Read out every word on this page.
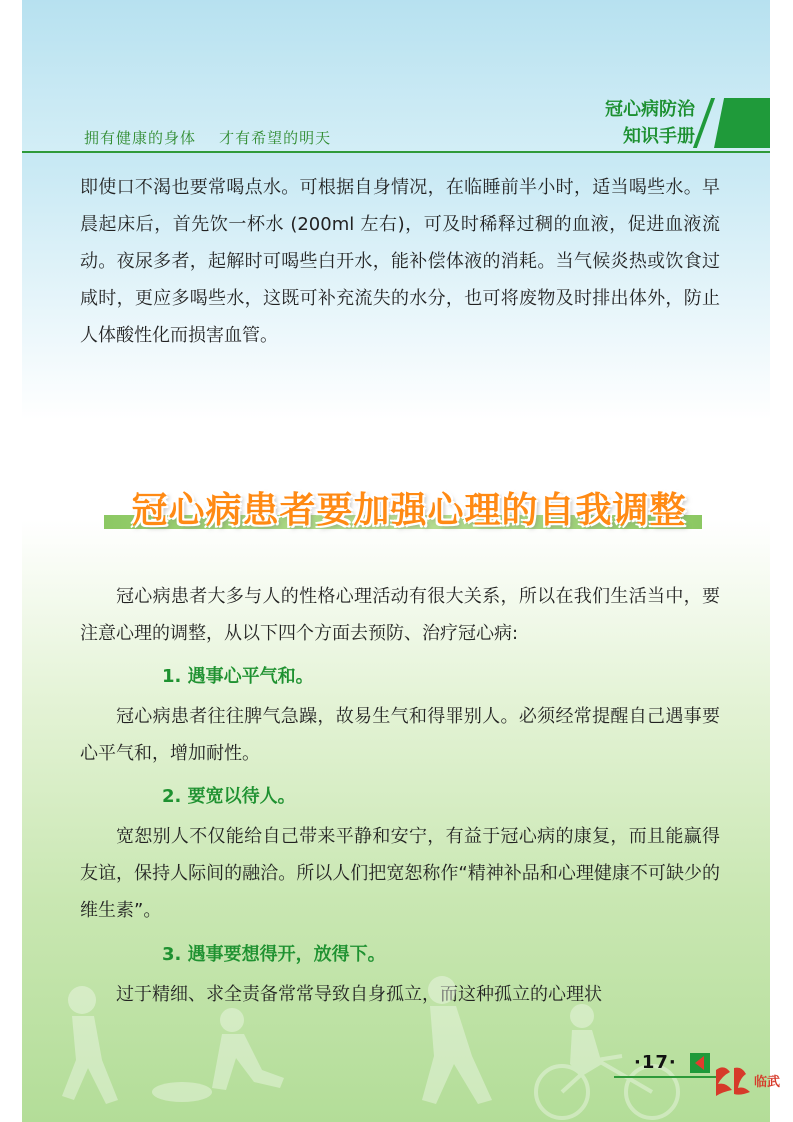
拥有健康的身体    才有希望的明天
冠心病防治
知识手册
即使口不渴也要常喝点水。可根据自身情况，在临睡前半小时，适当喝些水。早晨起床后，首先饮一杯水 (200ml 左右)，可及时稀释过稠的血液，促进血液流动。夜尿多者，起解时可喝些白开水，能补偿体液的消耗。当气候炎热或饮食过咸时，更应多喝些水，这既可补充流失的水分，也可将废物及时排出体外，防止人体酸性化而损害血管。
冠心病患者要加强心理的自我调整
冠心病患者大多与人的性格心理活动有很大关系，所以在我们生活当中，要注意心理的调整，从以下四个方面去预防、治疗冠心病:
1. 遇事心平气和。
冠心病患者往往脾气急躁，故易生气和得罪别人。必须经常提醒自己遇事要心平气和，增加耐性。
2. 要宽以待人。
宽恕别人不仅能给自己带来平静和安宁，有益于冠心病的康复，而且能赢得友谊，保持人际间的融洽。所以人们把宽恕称作“精神补品和心理健康不可缺少的维生素”。
3. 遇事要想得开，放得下。
过于精细、求全责备常常导致自身孤立，而这种孤立的心理状
·17·
临武
